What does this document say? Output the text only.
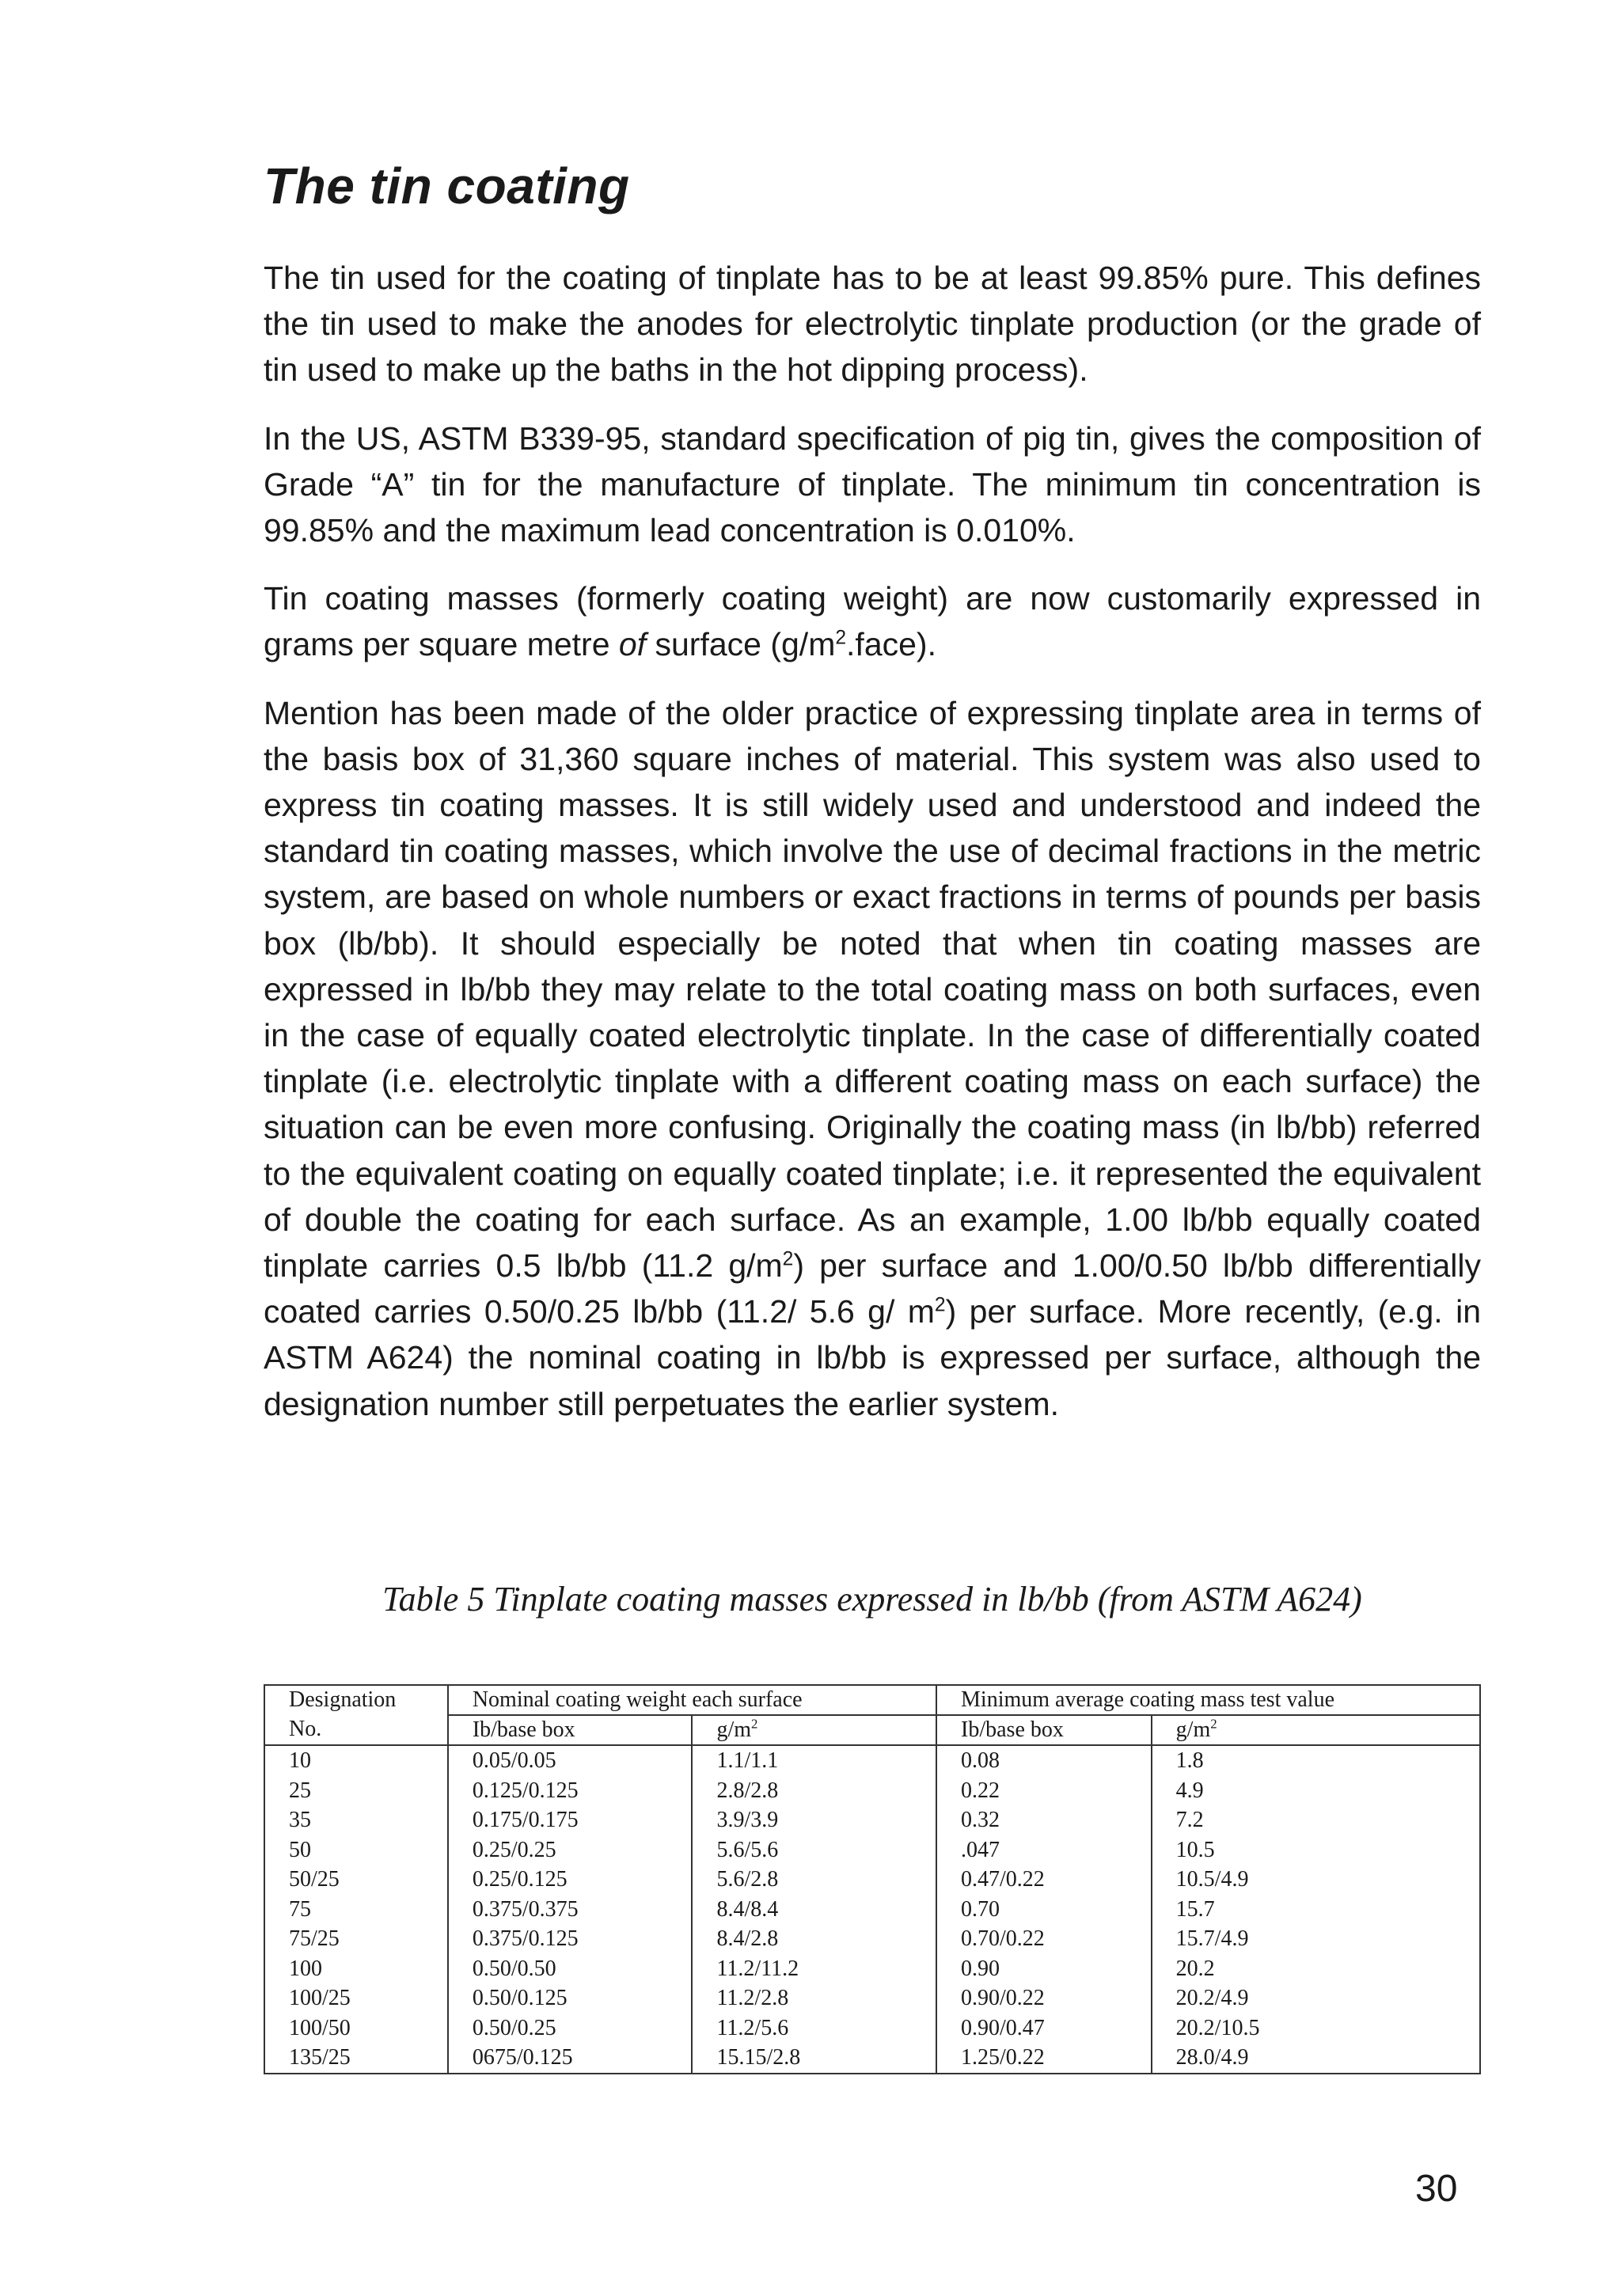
The tin coating

The tin used for the coating of tinplate has to be at least 99.85% pure. This defines the tin used to make the anodes for electrolytic tinplate production (or the grade of tin used to make up the baths in the hot dipping process).

In the US, ASTM B339-95, standard specification of pig tin, gives the composition of Grade “A” tin for the manufacture of tinplate. The minimum tin concentration is 99.85% and the maximum lead concentration is 0.010%.

Tin coating masses (formerly coating weight) are now customarily expressed in grams per square metre of surface $(g/m^2.face)$.

Mention has been made of the older practice of expressing tinplate area in terms of the basis box of 31,360 square inches of material. This system was also used to express tin coating masses. It is still widely used and understood and indeed the standard tin coating masses, which involve the use of decimal fractions in the metric system, are based on whole numbers or exact fractions in terms of pounds per basis box (lb/bb). It should especially be noted that when tin coating masses are expressed in lb/bb they may relate to the total coating mass on both surfaces, even in the case of equally coated electrolytic tinplate. In the case of differentially coated tinplate (i.e. electrolytic tinplate with a different coating mass on each surface) the situation can be even more confusing. Originally the coating mass (in lb/bb) referred to the equivalent coating on equally coated tinplate; i.e. it represented the equivalent of double the coating for each surface. As an example, 1.00 lb/bb equally coated tinplate carries 0.5 lb/bb (11.2 $g/m^2$) per surface and 1.00/0.50 lb/bb differentially coated carries 0.50/0.25 lb/bb (11.2/ 5.6 g/ $m^2$) per surface. More recently, (e.g. in ASTM A624) the nominal coating in lb/bb is expressed per surface, although the designation number still perpetuates the earlier system.

Table 5 Tinplate coating masses expressed in lb/bb (from ASTM A624)
Designation	Nominal coating weight each surface		Minimum average coating mass test value	
No.	Ib/base box	$g/m^2$	Ib/base box	$g/m^2$
10	0.05/0.05	1.1/1.1	0.08	1.8
25	0.125/0.125	2.8/2.8	0.22	4.9
35	0.175/0.175	3.9/3.9	0.32	7.2
50	0.25/0.25	5.6/5.6	.047	10.5
50/25	0.25/0.125	5.6/2.8	0.47/0.22	10.5/4.9
75	0.375/0.375	8.4/8.4	0.70	15.7
75/25	0.375/0.125	8.4/2.8	0.70/0.22	15.7/4.9
100	0.50/0.50	11.2/11.2	0.90	20.2
100/25	0.50/0.125	11.2/2.8	0.90/0.22	20.2/4.9
100/50	0.50/0.25	11.2/5.6	0.90/0.47	20.2/10.5
135/25	0675/0.125	15.15/2.8	1.25/0.22	28.0/4.9
30
